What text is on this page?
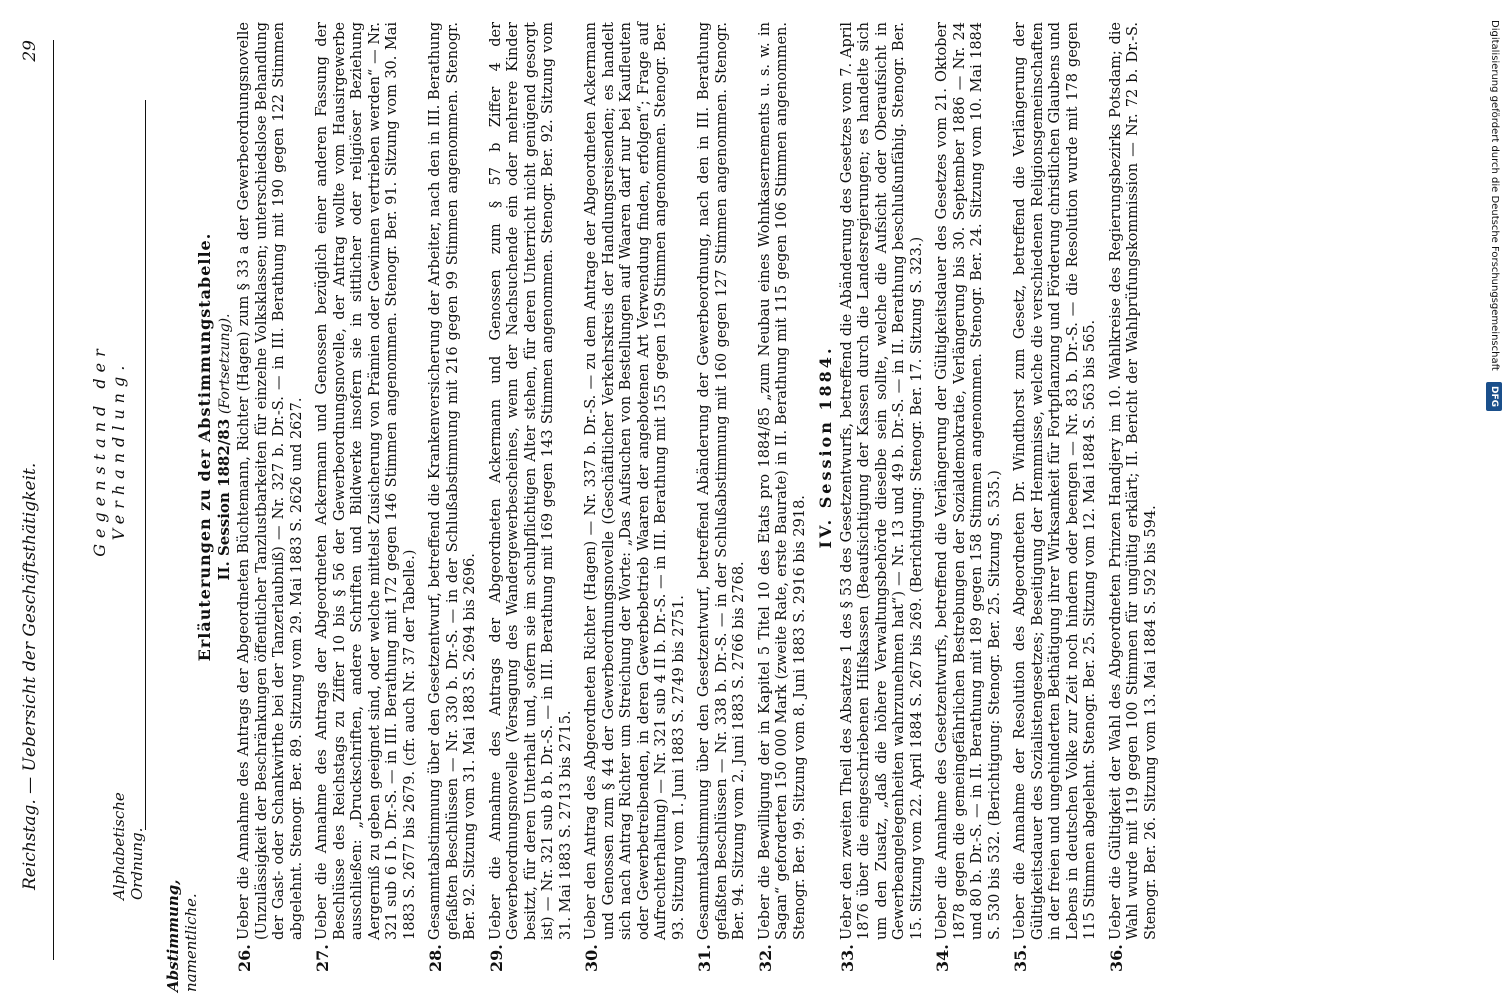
Reichstag. — Uebersicht der Geschäftsthätigkeit.
29
Alphabetische Ordnung.
Gegenstand der Verhandlung.
Abstimmung, namentliche.
Erläuterungen zu der Abstimmungstabelle. II. Session 1882/83 (Fortsetzung).
26.
Ueber die Annahme des Antrags der Abgeordneten Büchtemann, Richter (Hagen) zum § 33 a der Gewerbeordnungsnovelle (Unzulässigkeit der Beschränkungen öffentlicher Tanzlustbarkeiten für einzelne Volksklassen; unterschiedslose Behandlung der Gast- oder Schankwirthe bei der Tanzerlaubniß) — Nr. 327 b. Dr.-S. — in III. Berathung mit 190 gegen 122 Stimmen abgelehnt. Stenogr. Ber. 89. Sitzung vom 29. Mai 1883 S. 2626 und 2627.
27.
Ueber die Annahme des Antrags der Abgeordneten Ackermann und Genossen bezüglich einer anderen Fassung der Beschlüsse des Reichstags zu Ziffer 10 bis § 56 der Gewerbeordnungsnovelle, der Antrag wollte vom Hausirgewerbe ausschließen: „Druckschriften, andere Schriften und Bildwerke insofern sie in sittlicher oder religiöser Beziehung Aergerniß zu geben geeignet sind, oder welche mittelst Zusicherung von Prämien oder Gewinnen vertrieben werden“ — Nr. 321 sub 6 I b. Dr.-S. — in III. Berathung mit 172 gegen 146 Stimmen angenommen. Stenogr. Ber. 91. Sitzung vom 30. Mai 1883 S. 2677 bis 2679. (cfr. auch Nr. 37 der Tabelle.)
28.
Gesammtabstimmung über den Gesetzentwurf, betreffend die Krankenversicherung der Arbeiter, nach den in III. Berathung gefaßten Beschlüssen — Nr. 330 b. Dr.-S. — in der Schlußabstimmung mit 216 gegen 99 Stimmen angenommen. Stenogr. Ber. 92. Sitzung vom 31. Mai 1883 S. 2694 bis 2696.
29.
Ueber die Annahme des Antrags der Abgeordneten Ackermann und Genossen zum § 57 b Ziffer 4 der Gewerbeordnungsnovelle (Versagung des Wandergewerbescheines, wenn der Nachsuchende ein oder mehrere Kinder besitzt, für deren Unterhalt und, sofern sie im schulpflichtigen Alter stehen, für deren Unterricht nicht genügend gesorgt ist) — Nr. 321 sub 8 b. Dr.-S. — in III. Berathung mit 169 gegen 143 Stimmen angenommen. Stenogr. Ber. 92. Sitzung vom 31. Mai 1883 S. 2713 bis 2715.
30.
Ueber den Antrag des Abgeordneten Richter (Hagen) — Nr. 337 b. Dr.-S. — zu dem Antrage der Abgeordneten Ackermann und Genossen zum § 44 der Gewerbeordnungsnovelle (Geschäftlicher Verkehrskreis der Handlungsreisenden; es handelt sich nach Antrag Richter um Streichung der Worte: „Das Aufsuchen von Bestellungen auf Waaren darf nur bei Kaufleuten oder Gewerbetreibenden, in deren Gewerbebetrieb Waaren der angebotenen Art Verwendung finden, erfolgen“; Frage auf Aufrechterhaltung) — Nr. 321 sub 4 II b. Dr.-S. — in III. Berathung mit 155 gegen 159 Stimmen angenommen. Stenogr. Ber. 93. Sitzung vom 1. Juni 1883 S. 2749 bis 2751.
31.
Gesammtabstimmung über den Gesetzentwurf, betreffend Abänderung der Gewerbeordnung, nach den in III. Berathung gefaßten Beschlüssen — Nr. 338 b. Dr.-S. — in der Schlußabstimmung mit 160 gegen 127 Stimmen angenommen. Stenogr. Ber. 94. Sitzung vom 2. Juni 1883 S. 2766 bis 2768.
32.
Ueber die Bewilligung der in Kapitel 5 Titel 10 des Etats pro 1884/85 „zum Neubau eines Wohnkasernements u. s. w. in Sagan“ geforderten 150 000 Mark (zweite Rate, erste Baurate) in II. Berathung mit 115 gegen 106 Stimmen angenommen. Stenogr. Ber. 99. Sitzung vom 8. Juni 1883 S. 2916 bis 2918.
IV. Session 1884.
33.
Ueber den zweiten Theil des Absatzes 1 des § 53 des Gesetzentwurfs, betreffend die Abänderung des Gesetzes vom 7. April 1876 über die eingeschriebenen Hilfskassen (Beaufsichtigung der Kassen durch die Landesregierungen; es handelte sich um den Zusatz, „daß die höhere Verwaltungsbehörde dieselbe sein sollte, welche die Aufsicht oder Oberaufsicht in Gewerbeangelegenheiten wahrzunehmen hat“) — Nr. 13 und 49 b. Dr.-S. — in II. Berathung beschlußunfähig. Stenogr. Ber. 15. Sitzung vom 22. April 1884 S. 267 bis 269. (Berichtigung: Stenogr. Ber. 17. Sitzung S. 323.)
34.
Ueber die Annahme des Gesetzentwurfs, betreffend die Verlängerung der Gültigkeitsdauer des Gesetzes vom 21. Oktober 1878 gegen die gemeingefährlichen Bestrebungen der Sozialdemokratie, Verlängerung bis 30. September 1886 — Nr. 24 und 80 b. Dr.-S. — in II. Berathung mit 189 gegen 158 Stimmen angenommen. Stenogr. Ber. 24. Sitzung vom 10. Mai 1884 S. 530 bis 532. (Berichtigung: Stenogr. Ber. 25. Sitzung S. 535.)
35.
Ueber die Annahme der Resolution des Abgeordneten Dr. Windthorst zum Gesetz, betreffend die Verlängerung der Gültigkeitsdauer des Sozialistengesetzes; Beseitigung der Hemmnisse, welche die verschiedenen Religionsgemeinschaften in der freien und ungehinderten Bethätigung ihrer Wirksamkeit für Fortpflanzung und Förderung christlichen Glaubens und Lebens in deutschen Volke zur Zeit noch hindern oder beengen — Nr. 83 b. Dr.-S. — die Resolution wurde mit 178 gegen 115 Stimmen abgelehnt. Stenogr. Ber. 25. Sitzung vom 12. Mai 1884 S. 563 bis 565.
36.
Ueber die Gültigkeit der Wahl des Abgeordneten Prinzen Handjery im 10. Wahlkreise des Regierungsbezirks Potsdam; die Wahl wurde mit 119 gegen 100 Stimmen für ungültig erklärt; II. Bericht der Wahlprüfungskommission — Nr. 72 b. Dr.-S. Stenogr. Ber. 26. Sitzung vom 13. Mai 1884 S. 592 bis 594.
Digitalisierung gefördert durch die Deutsche Forschungsgemeinschaft DFG
